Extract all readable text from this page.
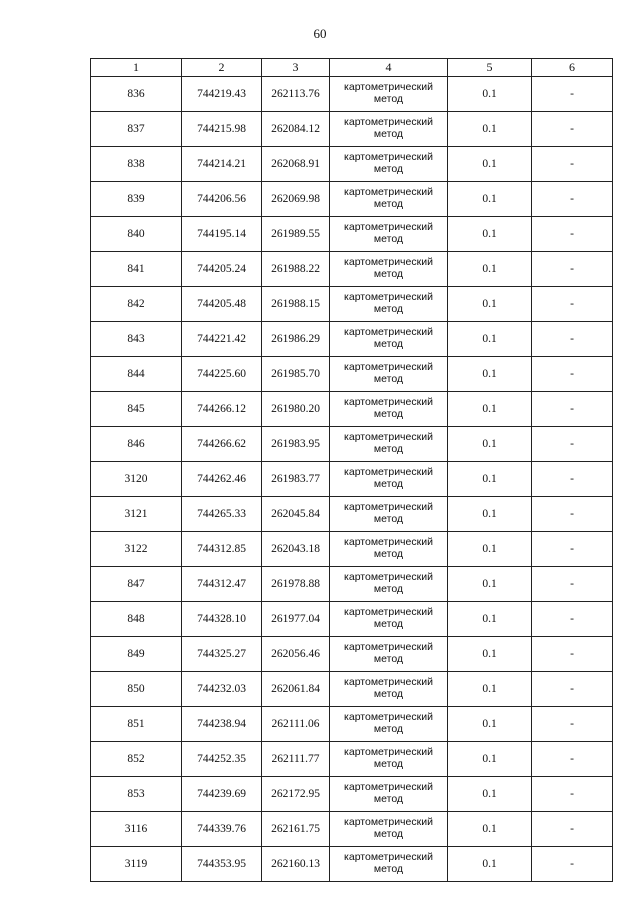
60
1	2	3	4	5	6
836	744219.43	262113.76	картометрический метод	0.1	-
837	744215.98	262084.12	картометрический метод	0.1	-
838	744214.21	262068.91	картометрический метод	0.1	-
839	744206.56	262069.98	картометрический метод	0.1	-
840	744195.14	261989.55	картометрический метод	0.1	-
841	744205.24	261988.22	картометрический метод	0.1	-
842	744205.48	261988.15	картометрический метод	0.1	-
843	744221.42	261986.29	картометрический метод	0.1	-
844	744225.60	261985.70	картометрический метод	0.1	-
845	744266.12	261980.20	картометрический метод	0.1	-
846	744266.62	261983.95	картометрический метод	0.1	-
3120	744262.46	261983.77	картометрический метод	0.1	-
3121	744265.33	262045.84	картометрический метод	0.1	-
3122	744312.85	262043.18	картометрический метод	0.1	-
847	744312.47	261978.88	картометрический метод	0.1	-
848	744328.10	261977.04	картометрический метод	0.1	-
849	744325.27	262056.46	картометрический метод	0.1	-
850	744232.03	262061.84	картометрический метод	0.1	-
851	744238.94	262111.06	картометрический метод	0.1	-
852	744252.35	262111.77	картометрический метод	0.1	-
853	744239.69	262172.95	картометрический метод	0.1	-
3116	744339.76	262161.75	картометрический метод	0.1	-
3119	744353.95	262160.13	картометрический метод	0.1	-
